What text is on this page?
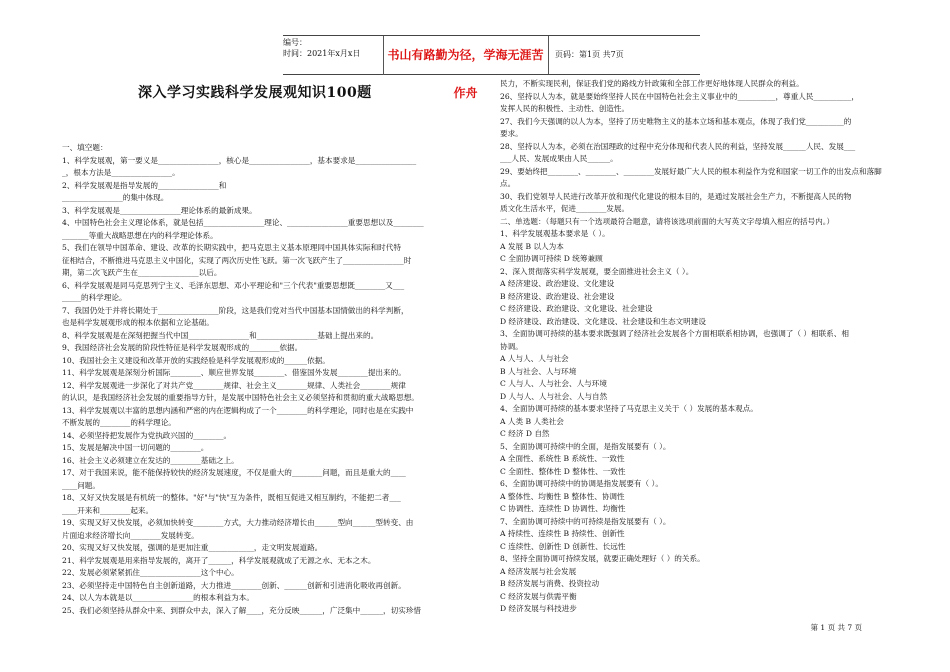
编号：
时间：2021年x月x日	书山有路勤为径，学海无涯苦作舟
页码：第1页 共7页
深入学习实践科学发展观知识100题
一、填空题：
1、科学发展观，第一要义是________________，核心是________________，基本要求是________________
_，根本方法是________________。
2、科学发展观是指导发展的________________和
________________的集中体现。
3、科学发展观是________________理论体系的最新成果。
4、中国特色社会主义理论体系，就是包括________________理论、________________重要思想以及________
_______等重大战略思想在内的科学理论体系。
5、我们在领导中国革命、建设、改革的长期实践中，把马克思主义基本原理同中国具体实际和时代特
征相结合，不断推进马克思主义中国化，实现了两次历史性飞跃。第一次飞跃产生了________________时
期，第二次飞跃产生在________________以后。
6、科学发展观是同马克思列宁主义、毛泽东思想、邓小平理论和"三个代表"重要思想既________又___
_____的科学理论。
7、我国仍处于并将长期处于________________阶段，这是我们党对当代中国基本国情做出的科学判断，
也是科学发展观形成的根本依据和立论基础。
8、科学发展观是在深刻把握当代中国________________和________________基础上提出来的。
9、我国经济社会发展的阶段性特征是科学发展观形成的________依据。
10、我国社会主义建设和改革开放的实践经验是科学发展观形成的______依据。
11、科学发展观是深刻分析国际________、顺应世界发展________、借鉴国外发展________提出来的。
12、科学发展观进一步深化了对共产党________规律、社会主义________规律、人类社会________规律
的认识，是我国经济社会发展的重要指导方针，是发展中国特色社会主义必须坚持和贯彻的重大战略思想。
13、科学发展观以丰富的思想内涵和严密的内在逻辑构成了一个________的科学理论，同时也是在实践中
不断发展的________的科学理论。
14、必须坚持把发展作为党执政兴国的________。
15、发展是解决中国一切问题的________。
16、社会主义必须建立在发达的________基础之上。
17、对于我国来说，能不能保持较快的经济发展速度，不仅是重大的________问题，而且是重大的____
____问题。
18、又好又快发展是有机统一的整体。"好"与"快"互为条件，既相互促进又相互制约，不能把二者___
____开来和________起来。
19、实现又好又快发展，必须加快转变________方式，大力推动经济增长由______型向______型转变、由
片面追求经济增长向________发展转变。
20、实现又好又快发展，强调的是更加注重____________，走文明发展道路。
21、科学发展观是用来指导发展的，离开了______，科学发展观就成了无源之水、无本之木。
22、发展必须紧紧抓住________________这个中心。
23、必须坚持走中国特色自主创新道路，大力推进________创新、______创新和引进消化吸收再创新。
24、以人为本就是以________________的根本利益为本。
25、我们必须坚持从群众中来、到群众中去，深入了解____，充分反映______，广泛集中______，切实珍惜
民力，不断实现民利，保证我们党的路线方针政策和全部工作更好地体现人民群众的利益。
26、坚持以人为本，就是要始终坚持人民在中国特色社会主义事业中的__________，尊重人民__________，
发挥人民的积极性、主动性、创造性。
27、我们今天强调的以人为本，坚持了历史唯物主义的基本立场和基本观点，体现了我们党__________的
要求。
28、坚持以人为本，必须在治国理政的过程中充分体现和代表人民的利益，坚持发展______人民、发展___
___人民、发展成果由人民______。
29、要始终把________、________、________发展好最广大人民的根本利益作为党和国家一切工作的出发点和落脚
点。
30、我们党领导人民进行改革开放和现代化建设的根本目的，是通过发展社会生产力，不断提高人民的物
质文化生活水平，促进________发展。
二、单选题：（每题只有一个选项最符合题意，请将该选项前面的大写英文字母填入相应的括号内。）
1、科学发展观基本要求是（ ）。
A 发展 B 以人为本
C 全面协调可持续 D 统筹兼顾
2、深入贯彻落实科学发展观，要全面推进社会主义（ ）。
A 经济建设、政治建设、文化建设
B 经济建设、政治建设、社会建设
C 经济建设、政治建设、文化建设、社会建设
D 经济建设、政治建设、文化建设、社会建设和生态文明建设
3、全面协调可持续的基本要求既强调了经济社会发展各个方面相联系相协调，也强调了（ ）相联系、相
协调。
A 人与人、人与社会
B 人与社会、人与环境
C 人与人、人与社会、人与环境
D 人与人、人与社会、人与自然
4、全面协调可持续的基本要求坚持了马克思主义关于（ ）发展的基本观点。
A 人类 B 人类社会
C 经济 D 自然
5、全面协调可持续中的全面，是指发展要有（ ）。
A 全面性、系统性 B 系统性、一致性
C 全面性、整体性 D 整体性、一致性
6、全面协调可持续中的协调是指发展要有（ ）。
A 整体性、均衡性 B 整体性、协调性
C 协调性、连续性 D 协调性、均衡性
7、全面协调可持续中的可持续是指发展要有（ ）。
A 持续性、连续性 B 持续性、创新性
C 连续性、创新性 D 创新性、长远性
8、坚持全面协调可持续发展，就要正确处理好（ ）的关系。
A 经济发展与社会发展
B 经济发展与消费、投资拉动
C 经济发展与供需平衡
D 经济发展与科技进步
第 1 页 共 7 页
